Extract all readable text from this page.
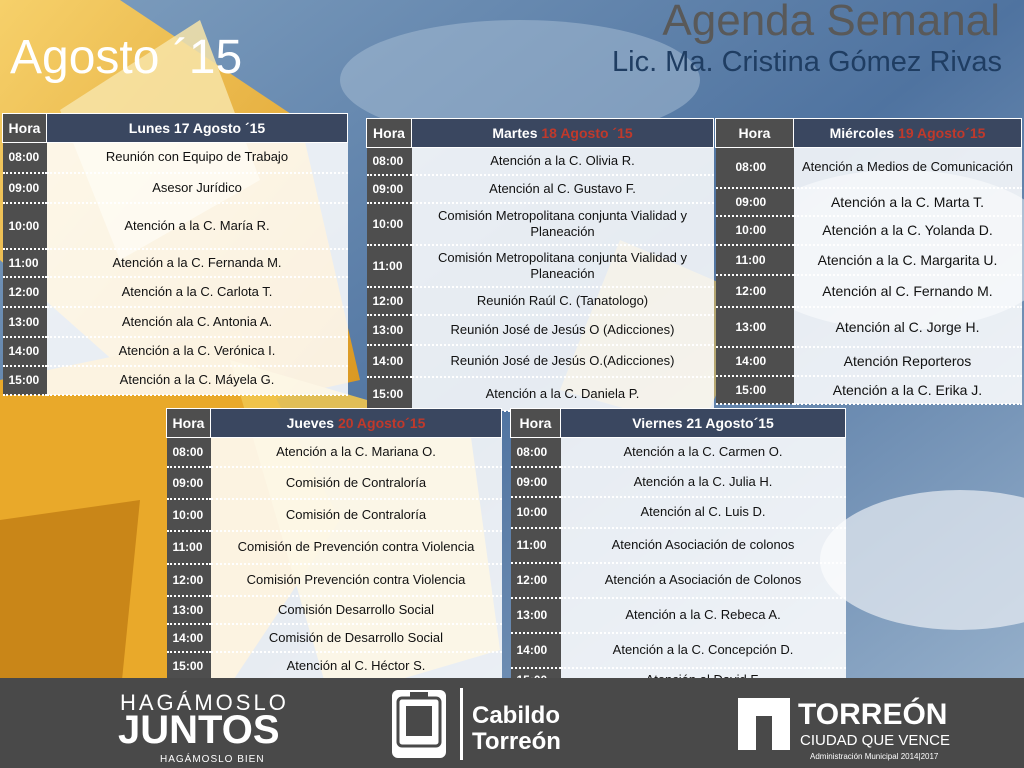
Agosto ´15
Agenda Semanal
Lic. Ma. Cristina Gómez Rivas
Hora	Lunes 17 Agosto ´15
08:00	Reunión con Equipo de Trabajo
09:00	Asesor Jurídico
10:00	Atención a la C. María R.
11:00	Atención a la C. Fernanda M.
12:00	Atención a la C. Carlota T.
13:00	Atención ala C. Antonia A.
14:00	Atención a la C. Verónica I.
15:00	Atención a la C. Máyela G.
Hora	Martes 18 Agosto ´15
08:00	Atención a la C. Olivia R.
09:00	Atención al C. Gustavo F.
10:00	Comisión Metropolitana conjunta Vialidad y Planeación
11:00	Comisión Metropolitana conjunta Vialidad y Planeación
12:00	Reunión Raúl C. (Tanatologo)
13:00	Reunión José de Jesús O (Adicciones)
14:00	Reunión José de Jesús O.(Adicciones)
15:00	Atención a la C. Daniela P.
Hora	Miércoles 19 Agosto´15
08:00	Atención a Medios de Comunicación
09:00	Atención a la C. Marta T.
10:00	Atención a la C. Yolanda D.
11:00	Atención a la C. Margarita U.
12:00	Atención al C. Fernando M.
13:00	Atención al C. Jorge H.
14:00	Atención Reporteros
15:00	Atención a la C. Erika J.
Hora	Jueves 20 Agosto´15
08:00	Atención a la C. Mariana O.
09:00	Comisión de Contraloría
10:00	Comisión de Contraloría
11:00	Comisión de Prevención contra Violencia
12:00	Comisión Prevención contra Violencia
13:00	Comisión Desarrollo Social
14:00	Comisión de Desarrollo Social
15:00	Atención al C. Héctor S.
Hora	Viernes 21 Agosto´15
08:00	Atención a la C. Carmen O.
09:00	Atención a la C. Julia H.
10:00	Atención al C. Luis D.
11:00	Atención Asociación de colonos
12:00	Atención a Asociación de Colonos
13:00	Atención a la C. Rebeca A.
14:00	Atención a la C. Concepción D.

HAGÁMOSLO
JUNTOS
HAGÁMOSLO BIEN
Cabildo
Torreón
TORREÓN
CIUDAD QUE VENCE
Administración Municipal 2014|2017
